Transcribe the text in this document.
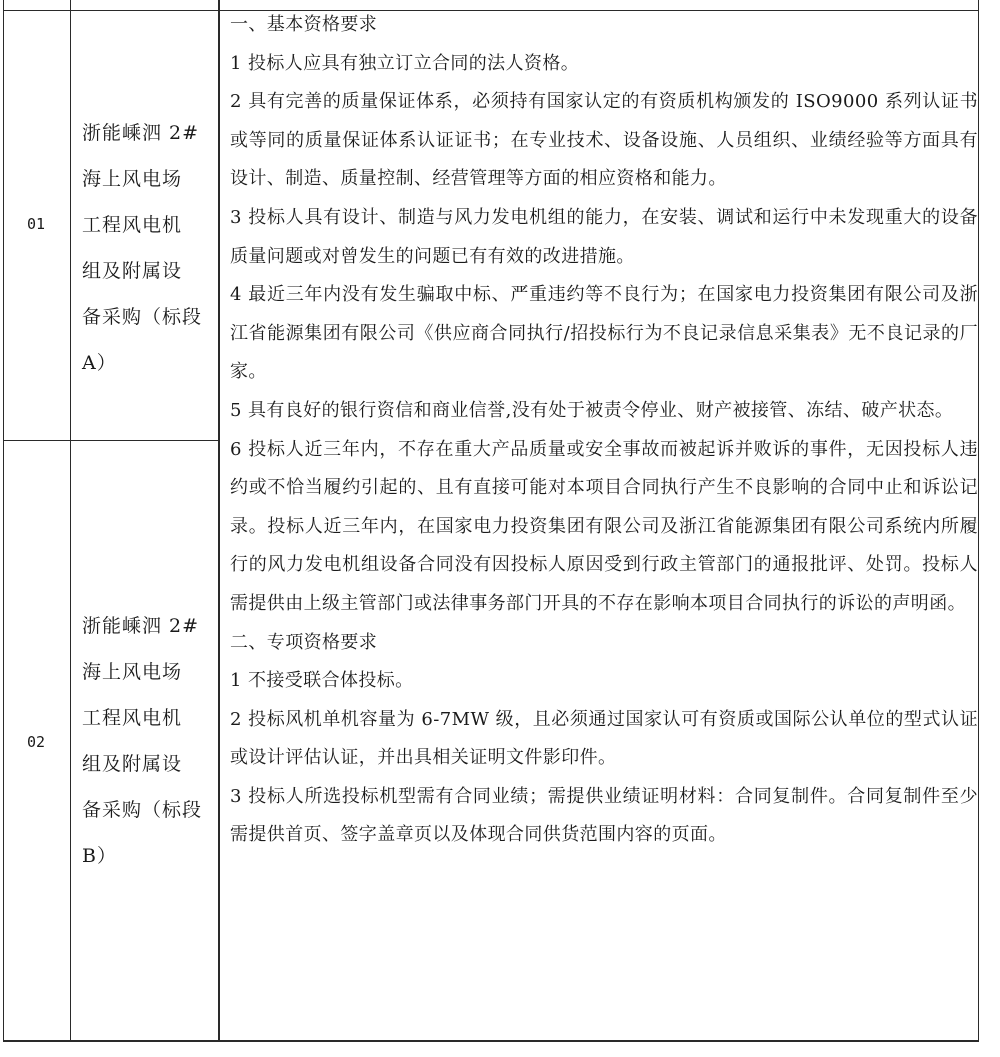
01
浙能嵊泗 2#
海上风电场
工程风电机
组及附属设
备采购（标段
A）
02
浙能嵊泗 2#
海上风电场
工程风电机
组及附属设
备采购（标段
B）

一、基本资格要求

1 投标人应具有独立订立合同的法人资格。

2 具有完善的质量保证体系，必须持有国家认定的有资质机构颁发的 ISO9000 系列认证书或等同的质量保证体系认证证书；在专业技术、设备设施、人员组织、业绩经验等方面具有设计、制造、质量控制、经营管理等方面的相应资格和能力。

3 投标人具有设计、制造与风力发电机组的能力，在安装、调试和运行中未发现重大的设备质量问题或对曾发生的问题已有有效的改进措施。

4 最近三年内没有发生骗取中标、严重违约等不良行为；在国家电力投资集团有限公司及浙江省能源集团有限公司《供应商合同执行/招投标行为不良记录信息采集表》无不良记录的厂家。

5 具有良好的银行资信和商业信誉,没有处于被责令停业、财产被接管、冻结、破产状态。

6 投标人近三年内，不存在重大产品质量或安全事故而被起诉并败诉的事件，无因投标人违约或不恰当履约引起的、且有直接可能对本项目合同执行产生不良影响的合同中止和诉讼记录。投标人近三年内，在国家电力投资集团有限公司及浙江省能源集团有限公司系统内所履行的风力发电机组设备合同没有因投标人原因受到行政主管部门的通报批评、处罚。投标人需提供由上级主管部门或法律事务部门开具的不存在影响本项目合同执行的诉讼的声明函。

二、专项资格要求

1 不接受联合体投标。

2 投标风机单机容量为 6-7MW 级，且必须通过国家认可有资质或国际公认单位的型式认证或设计评估认证，并出具相关证明文件影印件。

3 投标人所选投标机型需有合同业绩；需提供业绩证明材料：合同复制件。合同复制件至少需提供首页、签字盖章页以及体现合同供货范围内容的页面。
